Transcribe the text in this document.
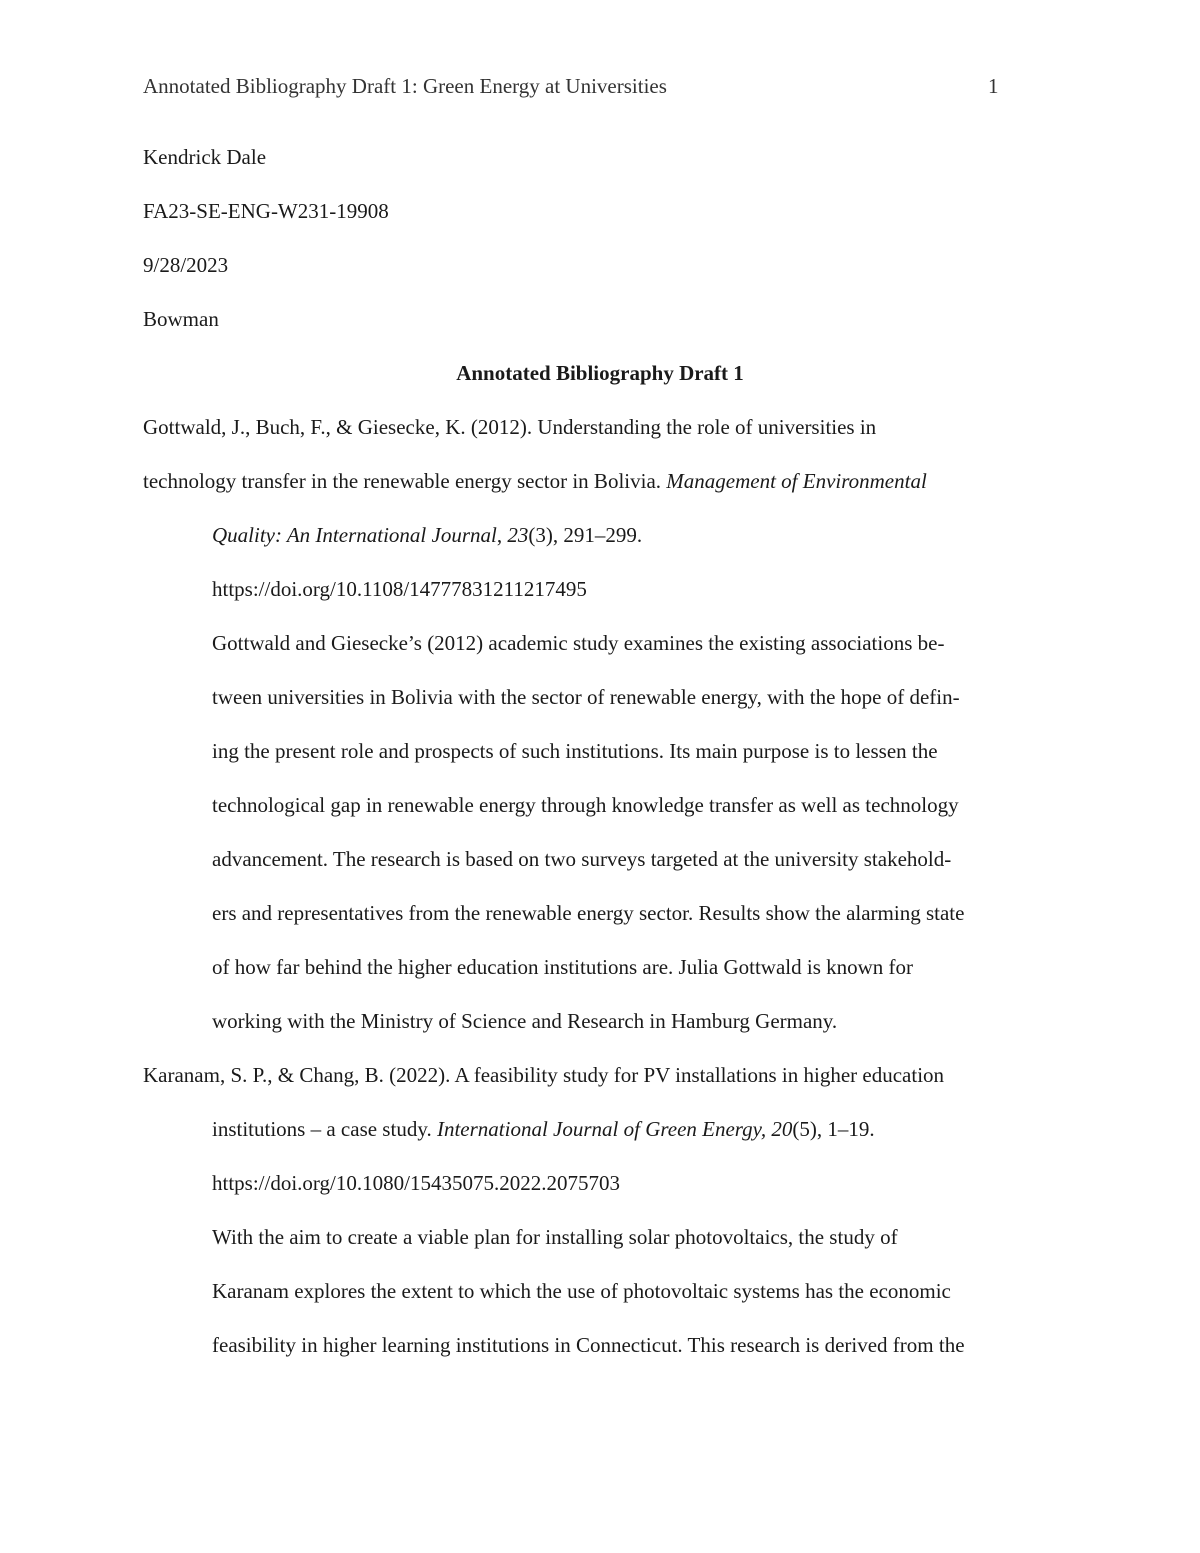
Annotated Bibliography Draft 1: Green Energy at Universities	1
Kendrick Dale
FA23-SE-ENG-W231-19908
9/28/2023
Bowman
Annotated Bibliography Draft 1
Gottwald, J., Buch, F., & Giesecke, K. (2012). Understanding the role of universities in
technology transfer in the renewable energy sector in Bolivia. Management of Environmental
Quality: An International Journal, 23(3), 291–299.
https://doi.org/10.1108/14777831211217495
Gottwald and Giesecke’s (2012) academic study examines the existing associations be-
tween universities in Bolivia with the sector of renewable energy, with the hope of defin-
ing the present role and prospects of such institutions. Its main purpose is to lessen the
technological gap in renewable energy through knowledge transfer as well as technology
advancement. The research is based on two surveys targeted at the university stakehold-
ers and representatives from the renewable energy sector. Results show the alarming state
of how far behind the higher education institutions are. Julia Gottwald is known for
working with the Ministry of Science and Research in Hamburg Germany.
Karanam, S. P., & Chang, B. (2022). A feasibility study for PV installations in higher education
institutions – a case study. International Journal of Green Energy, 20(5), 1–19.
https://doi.org/10.1080/15435075.2022.2075703
With the aim to create a viable plan for installing solar photovoltaics, the study of
Karanam explores the extent to which the use of photovoltaic systems has the economic
feasibility in higher learning institutions in Connecticut. This research is derived from the
